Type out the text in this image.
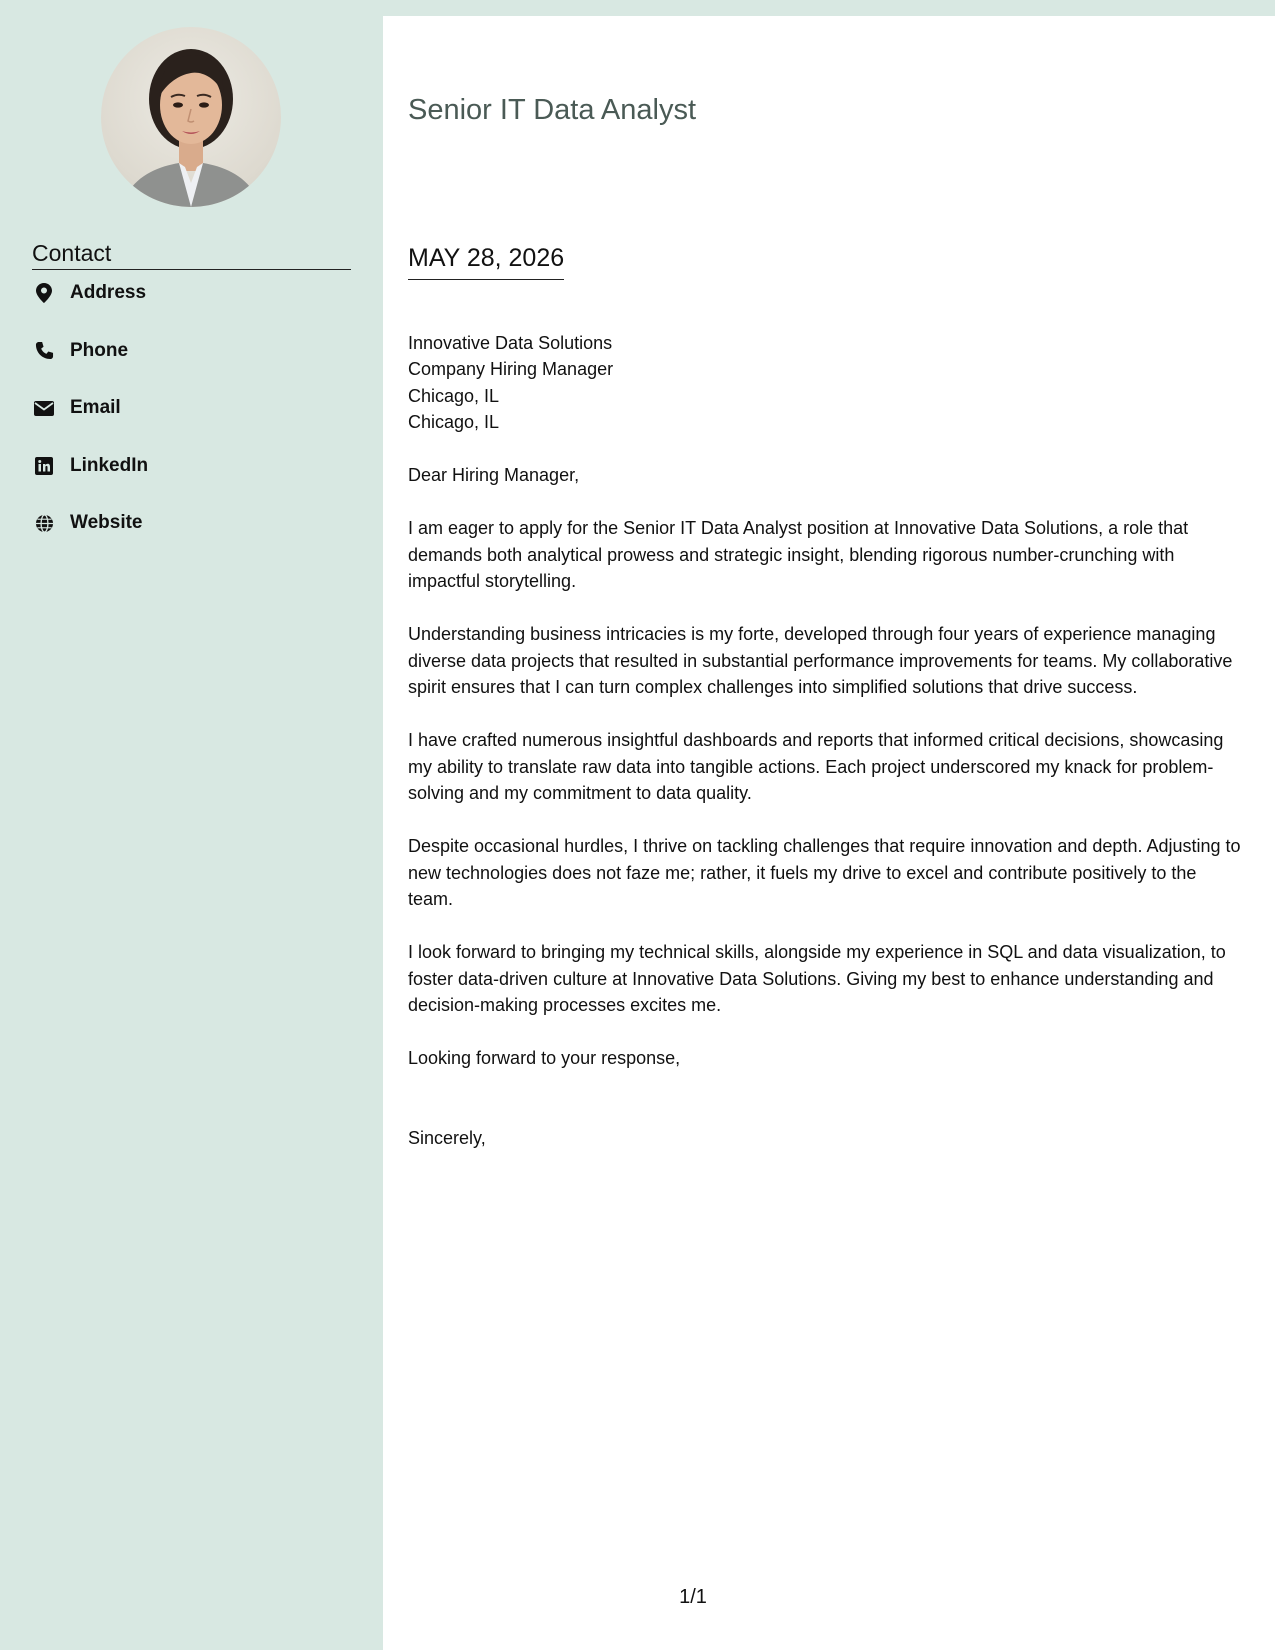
Contact
Address
Phone
Email
LinkedIn
Website
Senior IT Data Analyst
MAY 28, 2026

Innovative Data Solutions
Company Hiring Manager
Chicago, IL
Chicago, IL

Dear Hiring Manager,

I am eager to apply for the Senior IT Data Analyst position at Innovative Data Solutions, a role that demands both analytical prowess and strategic insight, blending rigorous number-crunching with impactful storytelling.

Understanding business intricacies is my forte, developed through four years of experience managing diverse data projects that resulted in substantial performance improvements for teams. My collaborative spirit ensures that I can turn complex challenges into simplified solutions that drive success.

I have crafted numerous insightful dashboards and reports that informed critical decisions, showcasing my ability to translate raw data into tangible actions. Each project underscored my knack for problem-solving and my commitment to data quality.

Despite occasional hurdles, I thrive on tackling challenges that require innovation and depth. Adjusting to new technologies does not faze me; rather, it fuels my drive to excel and contribute positively to the team.

I look forward to bringing my technical skills, alongside my experience in SQL and data visualization, to foster data-driven culture at Innovative Data Solutions. Giving my best to enhance understanding and decision-making processes excites me.

Looking forward to your response,

Sincerely,

1/1
